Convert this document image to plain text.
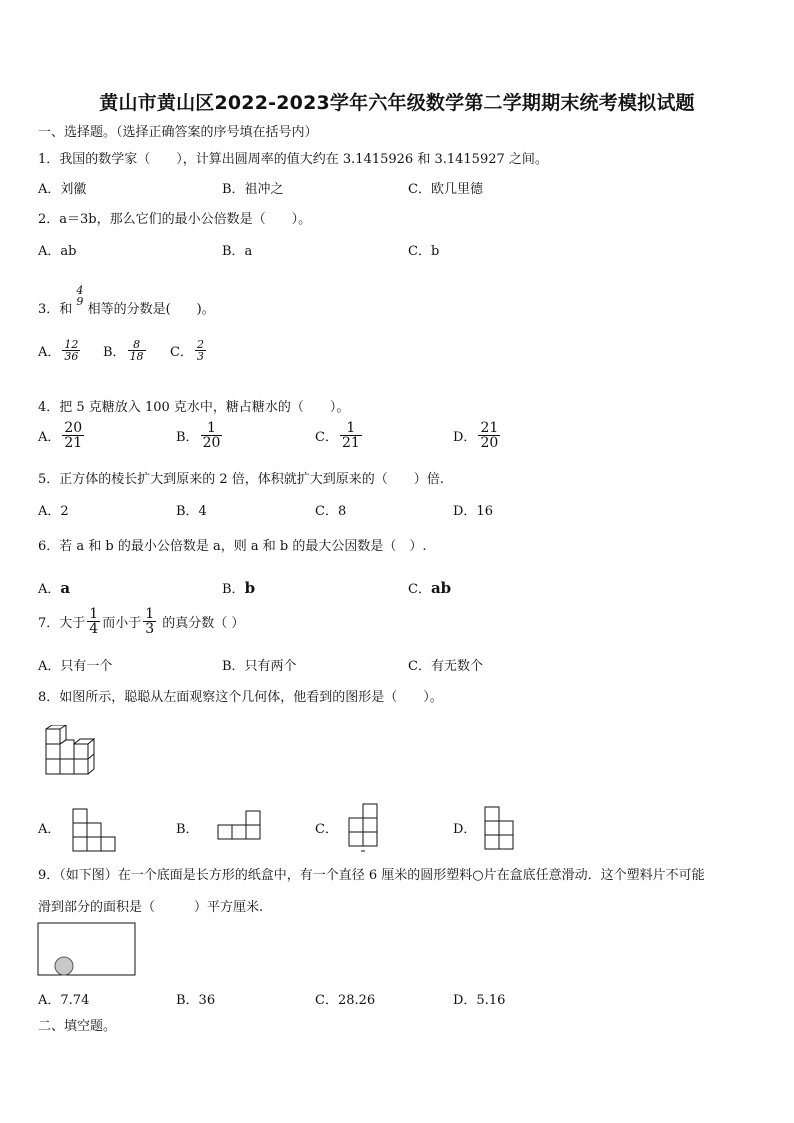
黄山市黄山区2022-2023学年六年级数学第二学期期末统考模拟试题
一、选择题。（选择正确答案的序号填在括号内）
1．我国的数学家（　　），计算出圆周率的值大约在 3.1415926 和 3.1415927 之间。
A．刘徽	B．祖冲之	C．欧几里德
2．a＝3b，那么它们的最小公倍数是（　　）。
A．ab	B．a	C．b
3．和
4
9
相等的分数是(　　)。
A． $\frac{12}{36}$ B． $\frac{8}{18}$ C． $\frac{2}{3}$
4．把 5 克糖放入 100 克水中，糖占糖水的（　　）。
A． $\frac{20}{21}$	B． $\frac{1}{20}$	C． $\frac{1}{21}$	D． $\frac{21}{20}$
5．正方体的棱长扩大到原来的 2 倍，体积就扩大到原来的（　　）倍.
A．2	B．4	C．8	D．16
6．若 a 和 b 的最小公倍数是 a，则 a 和 b 的最大公因数是（　）.
A．a	B．b	C．ab
7．大于 $\frac{1}{4}$ 而小于 $\frac{1}{3}$ 的真分数（ ）
A．只有一个	B．只有两个	C．有无数个
8．如图所示，聪聪从左面观察这个几何体，他看到的图形是（　　）。
A．	B．	C．	D．
9．（如下图）在一个底面是长方形的纸盒中，有一个直径 6 厘米的圆形塑料○片在盒底任意滑动．这个塑料片不可能
滑到部分的面积是（　　　）平方厘米.
A．7.74	B．36	C．28.26	D．5.16
二、填空题。
